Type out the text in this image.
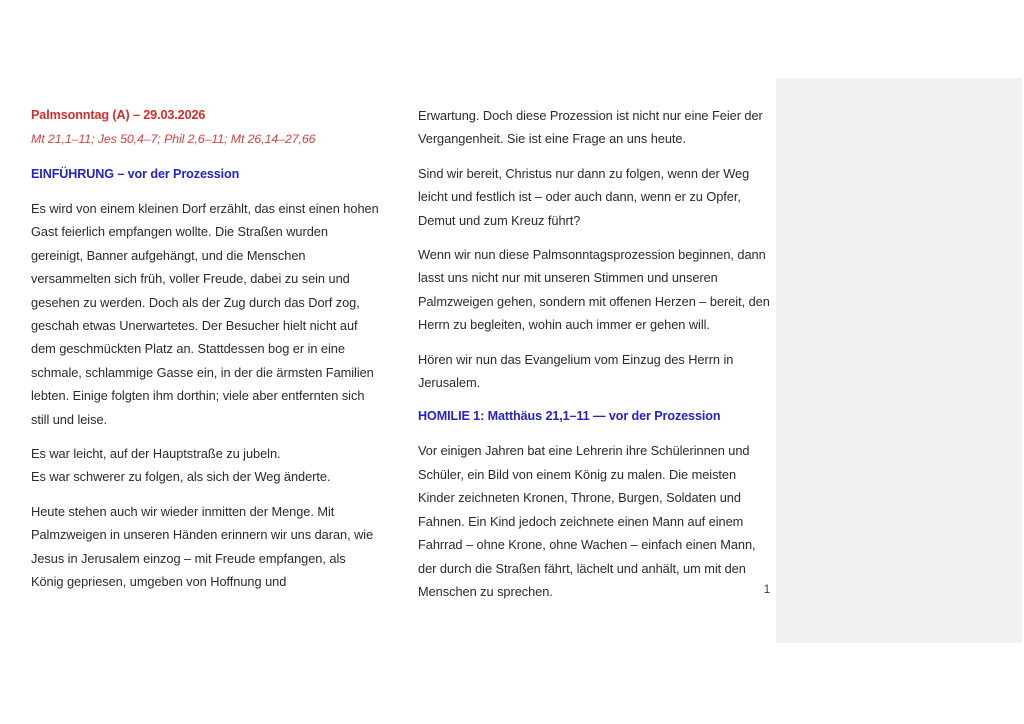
Palmsonntag (A) – 29.03.2026

Mt 21,1–11; Jes 50,4–7; Phil 2,6–11; Mt 26,14–27,66

EINFÜHRUNG – vor der Prozession

Es wird von einem kleinen Dorf erzählt, das einst einen hohen Gast feierlich empfangen wollte. Die Straßen wurden gereinigt, Banner aufgehängt, und die Menschen versammelten sich früh, voller Freude, dabei zu sein und gesehen zu werden. Doch als der Zug durch das Dorf zog, geschah etwas Unerwartetes. Der Besucher hielt nicht auf dem geschmückten Platz an. Stattdessen bog er in eine schmale, schlammige Gasse ein, in der die ärmsten Familien lebten. Einige folgten ihm dorthin; viele aber entfernten sich still und leise.

Es war leicht, auf der Hauptstraße zu jubeln.
Es war schwerer zu folgen, als sich der Weg änderte.

Heute stehen auch wir wieder inmitten der Menge. Mit Palmzweigen in unseren Händen erinnern wir uns daran, wie Jesus in Jerusalem einzog – mit Freude empfangen, als König gepriesen, umgeben von Hoffnung und

Erwartung. Doch diese Prozession ist nicht nur eine Feier der Vergangenheit. Sie ist eine Frage an uns heute.

Sind wir bereit, Christus nur dann zu folgen, wenn der Weg leicht und festlich ist – oder auch dann, wenn er zu Opfer, Demut und zum Kreuz führt?

Wenn wir nun diese Palmsonntagsprozession beginnen, dann lasst uns nicht nur mit unseren Stimmen und unseren Palmzweigen gehen, sondern mit offenen Herzen – bereit, den Herrn zu begleiten, wohin auch immer er gehen will.

Hören wir nun das Evangelium vom Einzug des Herrn in Jerusalem.

HOMILIE 1: Matthäus 21,1–11 — vor der Prozession

Vor einigen Jahren bat eine Lehrerin ihre Schülerinnen und Schüler, ein Bild von einem König zu malen. Die meisten Kinder zeichneten Kronen, Throne, Burgen, Soldaten und Fahnen. Ein Kind jedoch zeichnete einen Mann auf einem Fahrrad – ohne Krone, ohne Wachen – einfach einen Mann, der durch die Straßen fährt, lächelt und anhält, um mit den Menschen zu sprechen.	1
